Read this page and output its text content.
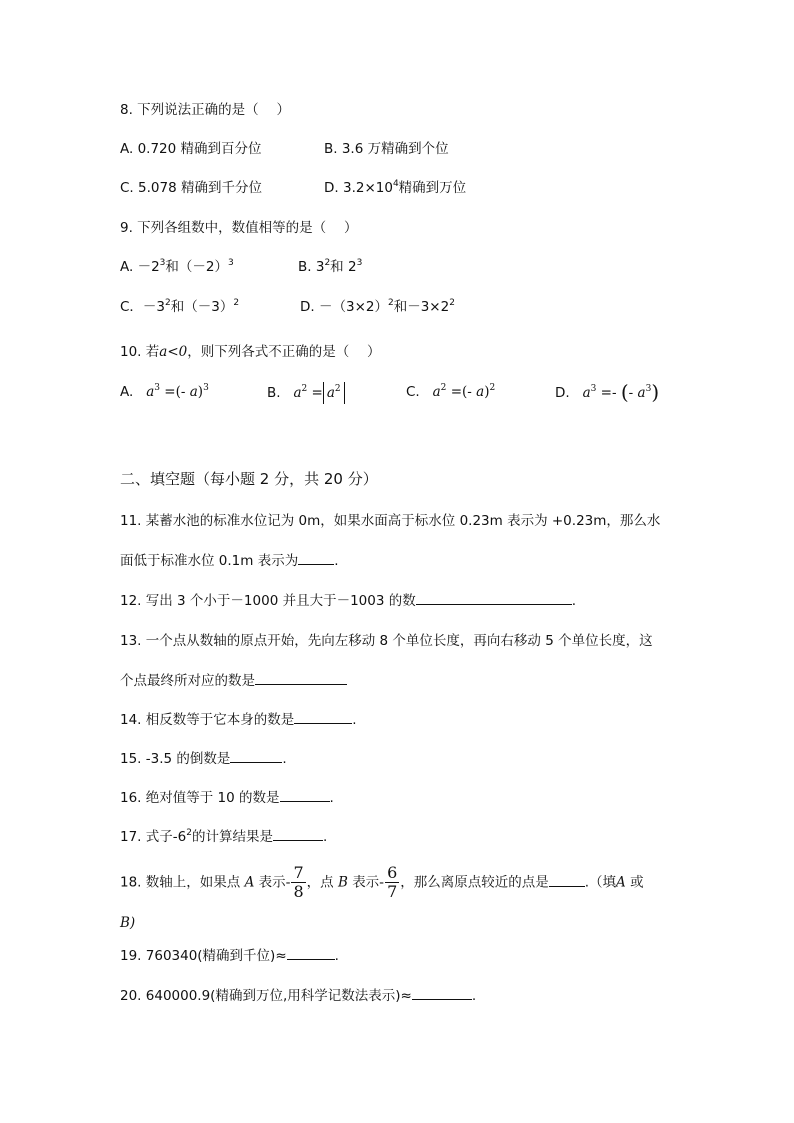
8. 下列说法正确的是（　 ）
A. 0.720 精确到百分位	B. 3.6 万精确到个位
C. 5.078 精确到千分位	D. $3.2\times 10^4$精确到万位
9. 下列各组数中，数值相等的是（　 ）
A. $-2^3$和$(-2)^3$	B. $3^2$和 $2^3$
C．$-3^2$和$(-3)^2$	D. $-(3\times 2)^2$和$-3\times 2^2$
10. 若a<0，则下列各式不正确的是（　 ）
A. $a^3$ =(- a)$^3$	B. $a^2 = a^2$	C. $a^2$ =(- a)$^2$	D. $a^3$ =- (- $a^3$)
二、填空题（每小题 2 分，共 20 分）
11. 某蓄水池的标准水位记为 0m，如果水面高于标水位 0.23m 表示为 +0.23m，那么水
面低于标准水位 0.1m 表示为	.
12. 写出 3 个小于－1000 并且大于－1003 的数	.
13. 一个点从数轴的原点开始，先向左移动 8 个单位长度，再向右移动 5 个单位长度，这
个点最终所对应的数是
14. 相反数等于它本身的数是	.
15. -3.5 的倒数是	.
16. 绝对值等于 10 的数是	.
17. 式子$-6^2$的计算结果是	.
18. 数轴上，如果点 A 表示- $\frac{7}{8}$ ，点 B 表示- $\frac{6}{7}$ ，那么离原点较近的点是	.（填A 或
B)
19. 760340(精确到千位)≈	.
20. 640000.9(精确到万位,用科学记数法表示)≈	.
